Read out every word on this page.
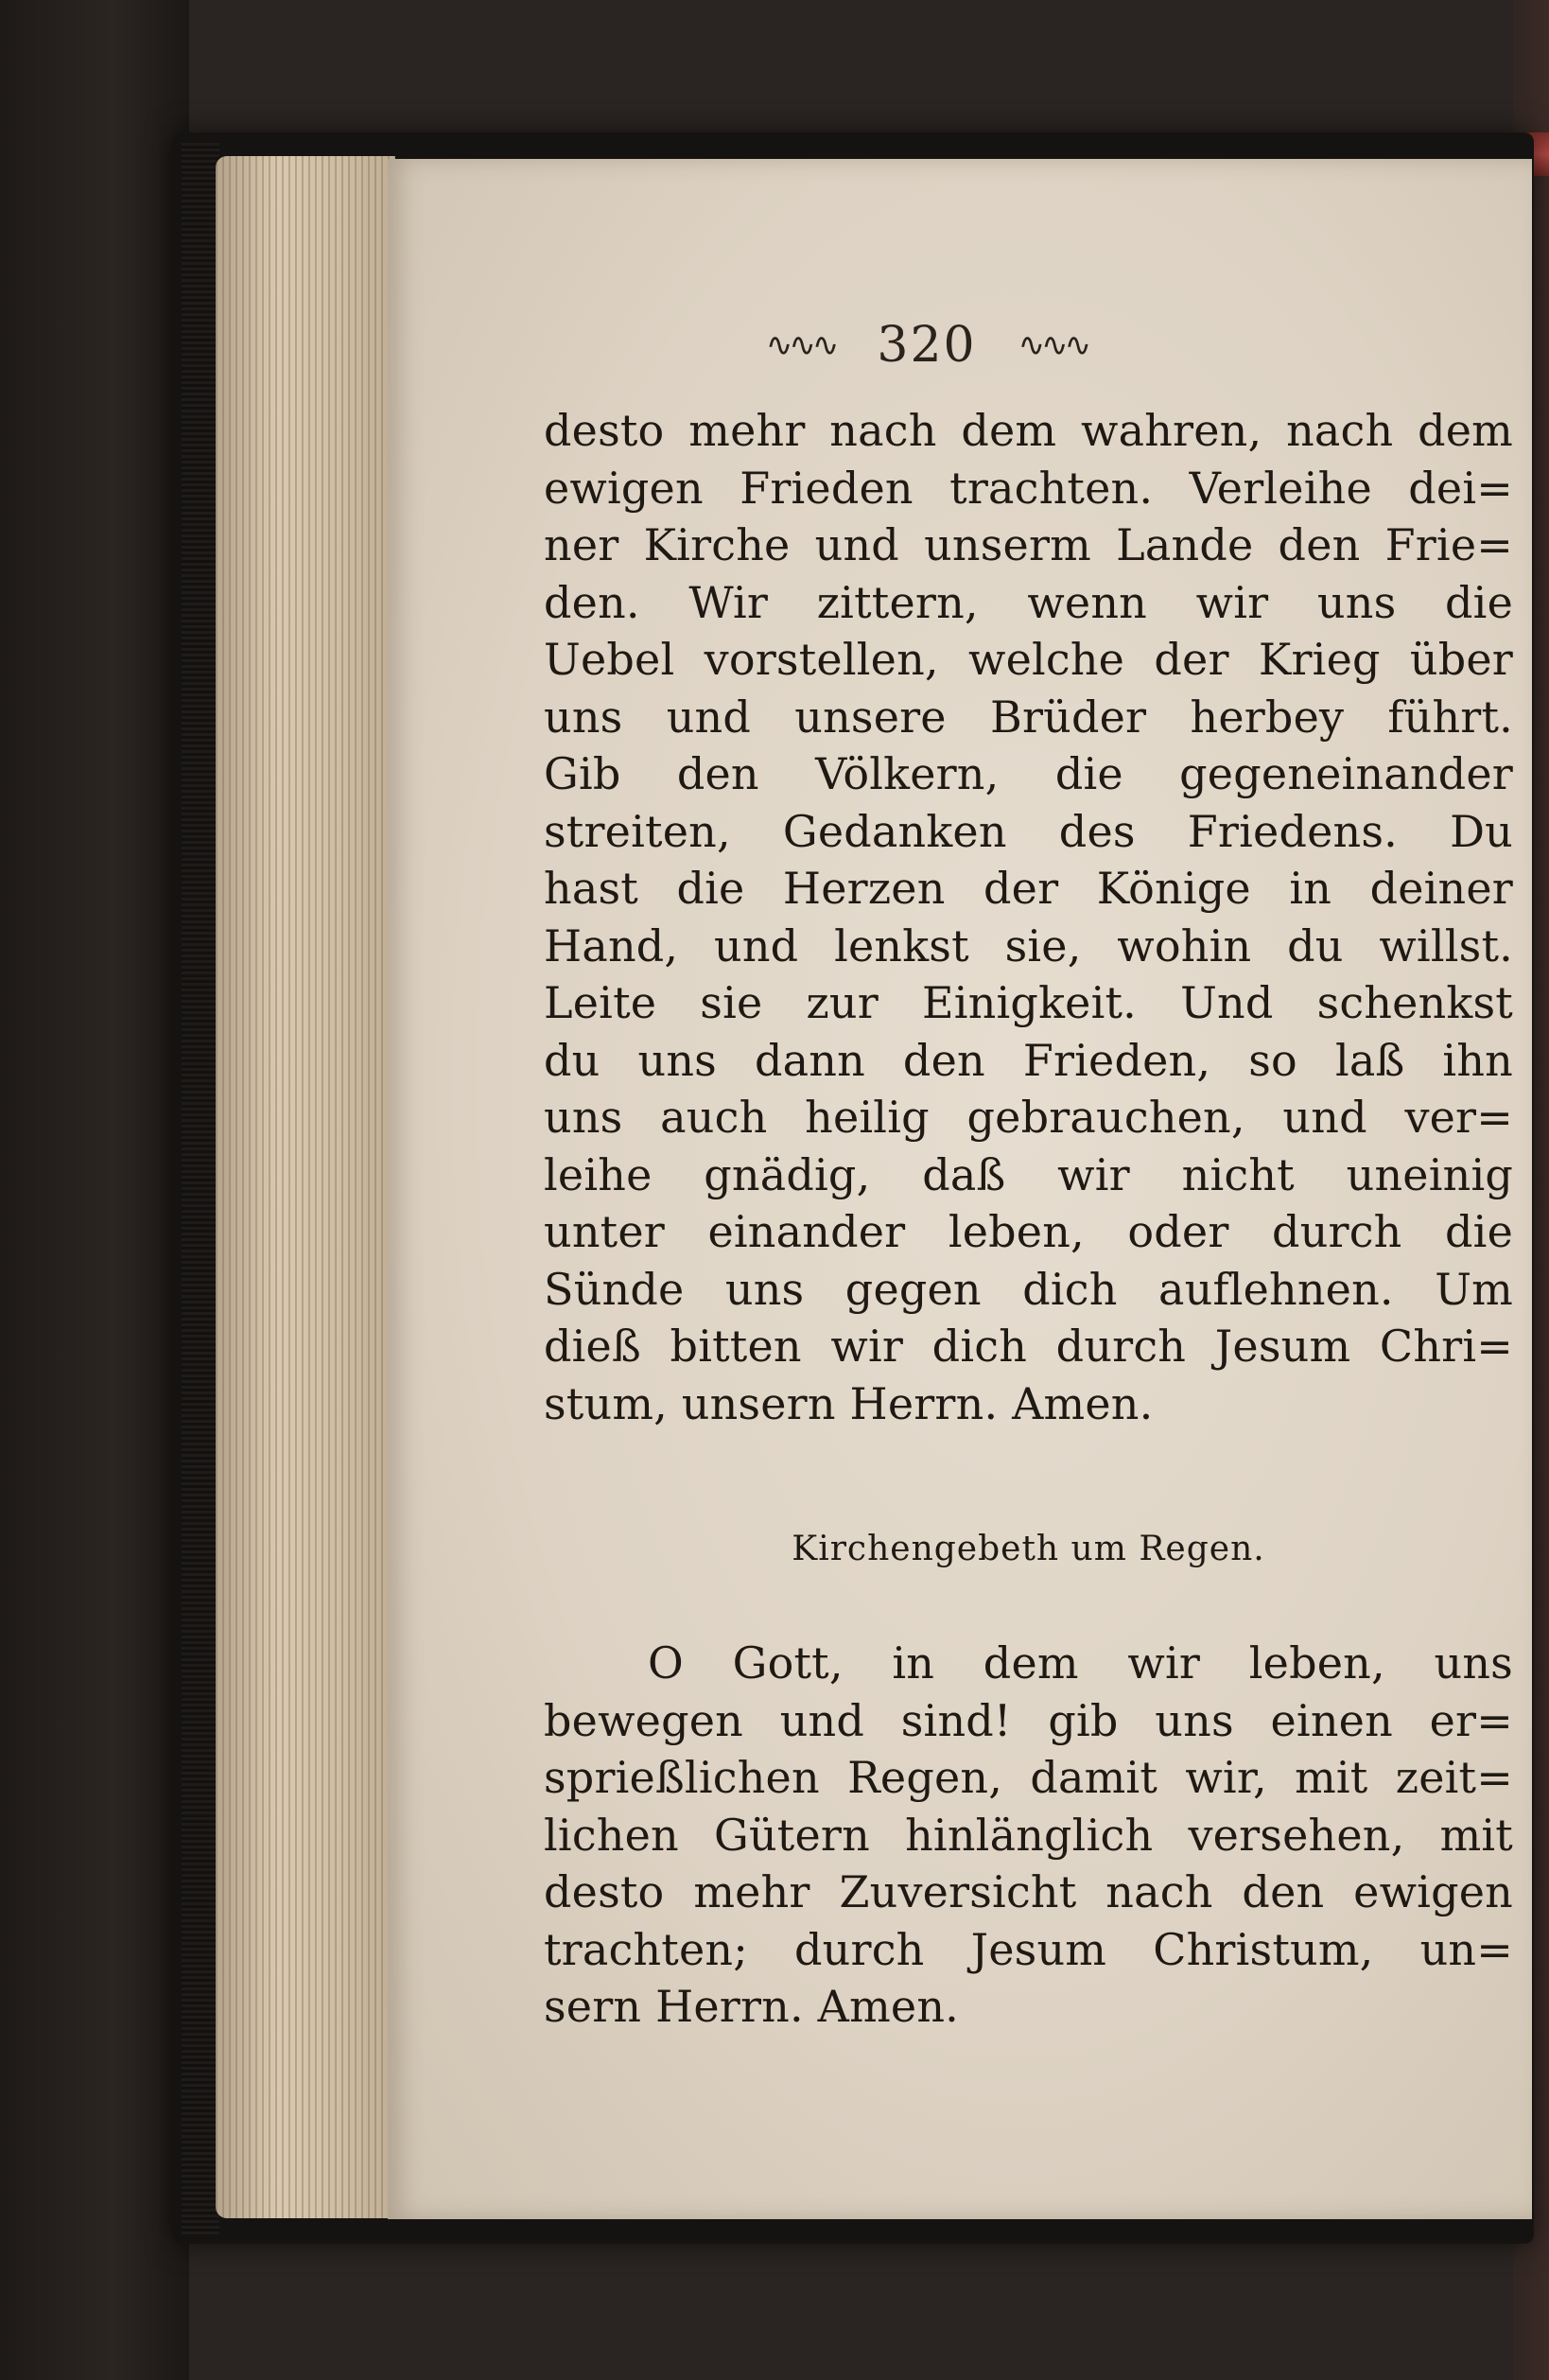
∿∿∿ 320 ∿∿∿
desto mehr nach dem wahren, nach dem
ewigen Frieden trachten. Verleihe dei=
ner Kirche und unserm Lande den Frie=
den. Wir zittern, wenn wir uns die
Uebel vorstellen, welche der Krieg über
uns und unsere Brüder herbey führt.
Gib den Völkern, die gegeneinander
streiten, Gedanken des Friedens. Du
hast die Herzen der Könige in deiner
Hand, und lenkst sie, wohin du willst.
Leite sie zur Einigkeit. Und schenkst
du uns dann den Frieden, so laß ihn
uns auch heilig gebrauchen, und ver=
leihe gnädig, daß wir nicht uneinig
unter einander leben, oder durch die
Sünde uns gegen dich auflehnen. Um
dieß bitten wir dich durch Jesum Chri=
stum, unsern Herrn. Amen.
Kirchengebeth um Regen.
O Gott, in dem wir leben, uns
bewegen und sind! gib uns einen er=
sprießlichen Regen, damit wir, mit zeit=
lichen Gütern hinlänglich versehen, mit
desto mehr Zuversicht nach den ewigen
trachten; durch Jesum Christum, un=
sern Herrn. Amen.
